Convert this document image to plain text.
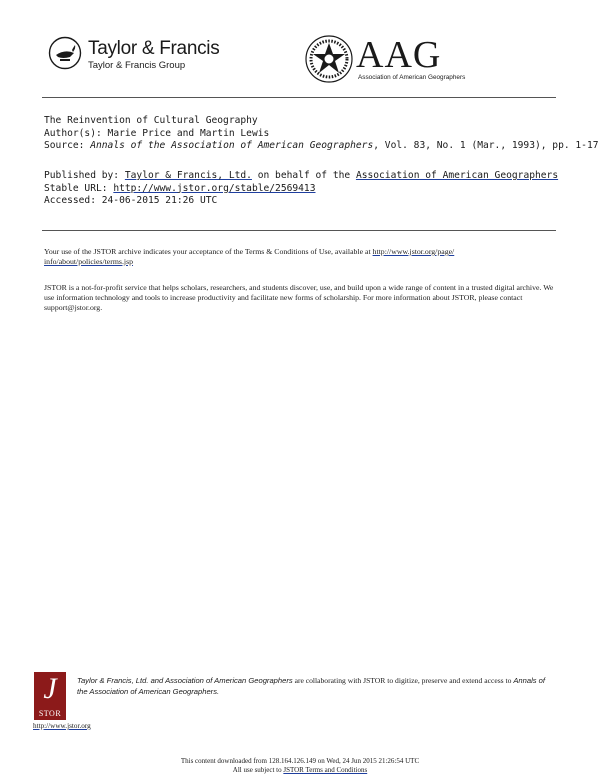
Taylor & Francis
Taylor & Francis Group	AAG
Association of American Geographers
The Reinvention of Cultural Geography
Author(s): Marie Price and Martin Lewis
Source: Annals of the Association of American Geographers, Vol. 83, No. 1 (Mar., 1993), pp. 1-17
Published by: Taylor & Francis, Ltd. on behalf of the Association of American Geographers
Stable URL: http://www.jstor.org/stable/2569413
Accessed: 24-06-2015 21:26 UTC
Your use of the JSTOR archive indicates your acceptance of the Terms & Conditions of Use, available at http://www.jstor.org/page/
info/about/policies/terms.jsp
JSTOR is a not-for-profit service that helps scholars, researchers, and students discover, use, and build upon a wide range of content in a trusted digital archive. We use information technology and tools to increase productivity and facilitate new forms of scholarship. For more information about JSTOR, please contact support@jstor.org.
J
STOR
http://www.jstor.org
Taylor & Francis, Ltd. and Association of American Geographers are collaborating with JSTOR to digitize, preserve and extend access to Annals of the Association of American Geographers.
This content downloaded from 128.164.126.149 on Wed, 24 Jun 2015 21:26:54 UTC
All use subject to JSTOR Terms and Conditions
